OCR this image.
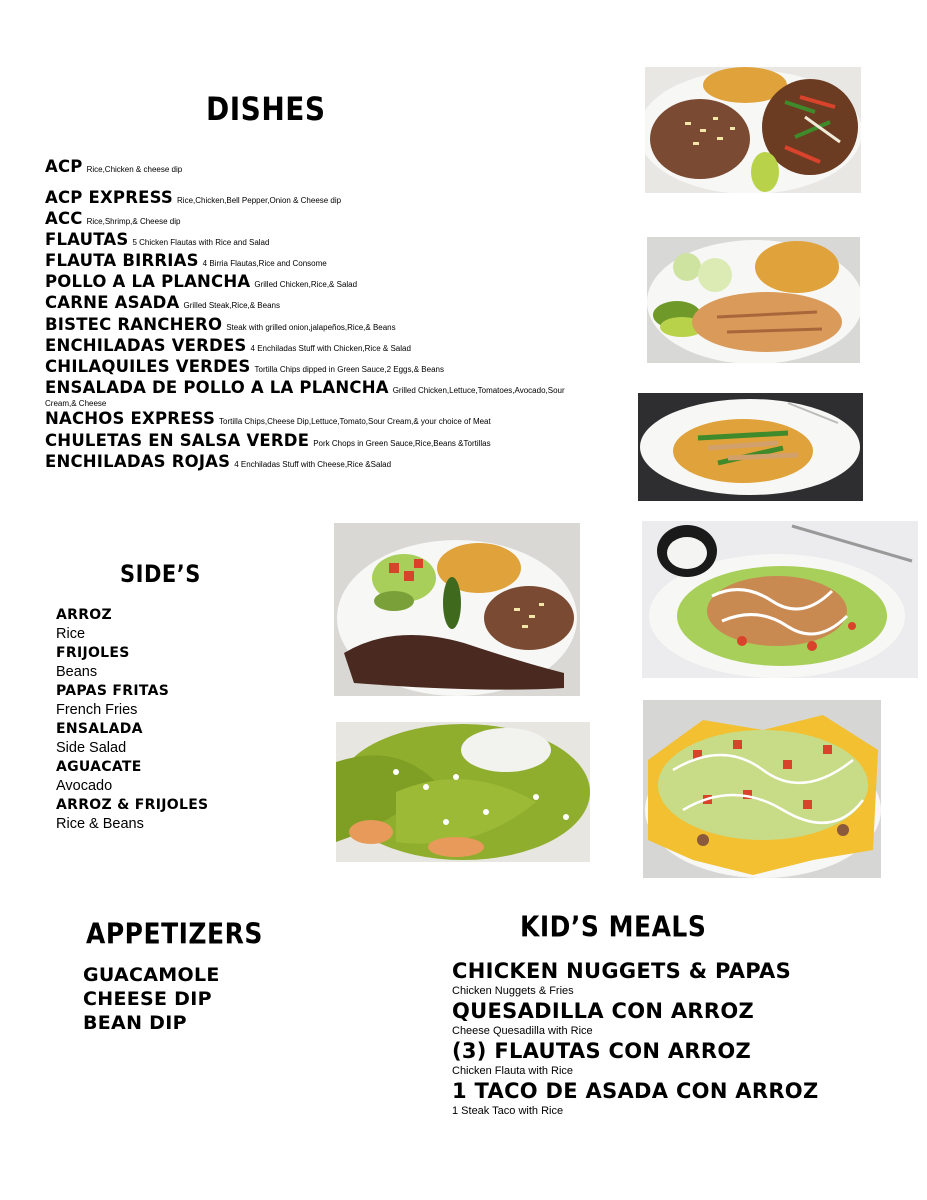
DISHES
ACP Rice,Chicken & cheese dip
ACP EXPRESS Rice,Chicken,Bell Pepper,Onion & Cheese dip
ACC Rice,Shrimp,& Cheese dip
FLAUTAS 5 Chicken Flautas with Rice and Salad
FLAUTA BIRRIAS 4 Birria Flautas,Rice and Consome
POLLO A LA PLANCHA Grilled Chicken,Rice,& Salad
CARNE ASADA Grilled Steak,Rice,& Beans
BISTEC RANCHERO Steak with grilled onion,jalapeños,Rice,& Beans
ENCHILADAS VERDES 4 Enchiladas Stuff with Chicken,Rice & Salad
CHILAQUILES VERDES Tortilla Chips dipped in Green Sauce,2 Eggs,& Beans
ENSALADA DE POLLO A LA PLANCHA Grilled Chicken,Lettuce,Tomatoes,Avocado,Sour
Cream,& Cheese
NACHOS EXPRESS Tortilla Chips,Cheese Dip,Lettuce,Tomato,Sour Cream,& your choice of Meat
CHULETAS EN SALSA VERDE Pork Chops in Green Sauce,Rice,Beans &Tortillas
ENCHILADAS ROJAS 4 Enchiladas Stuff with Cheese,Rice &Salad
SIDE’S
ARROZ
Rice
FRIJOLES
Beans
PAPAS FRITAS
French Fries
ENSALADA
Side Salad
AGUACATE
Avocado
ARROZ & FRIJOLES
Rice & Beans
APPETIZERS
GUACAMOLE
CHEESE DIP
BEAN DIP
KID’S MEALS
CHICKEN NUGGETS & PAPAS
Chicken Nuggets & Fries
QUESADILLA CON ARROZ
Cheese Quesadilla with Rice
(3) FLAUTAS CON ARROZ
Chicken Flauta with Rice
1 TACO DE ASADA CON ARROZ
1 Steak Taco with Rice
